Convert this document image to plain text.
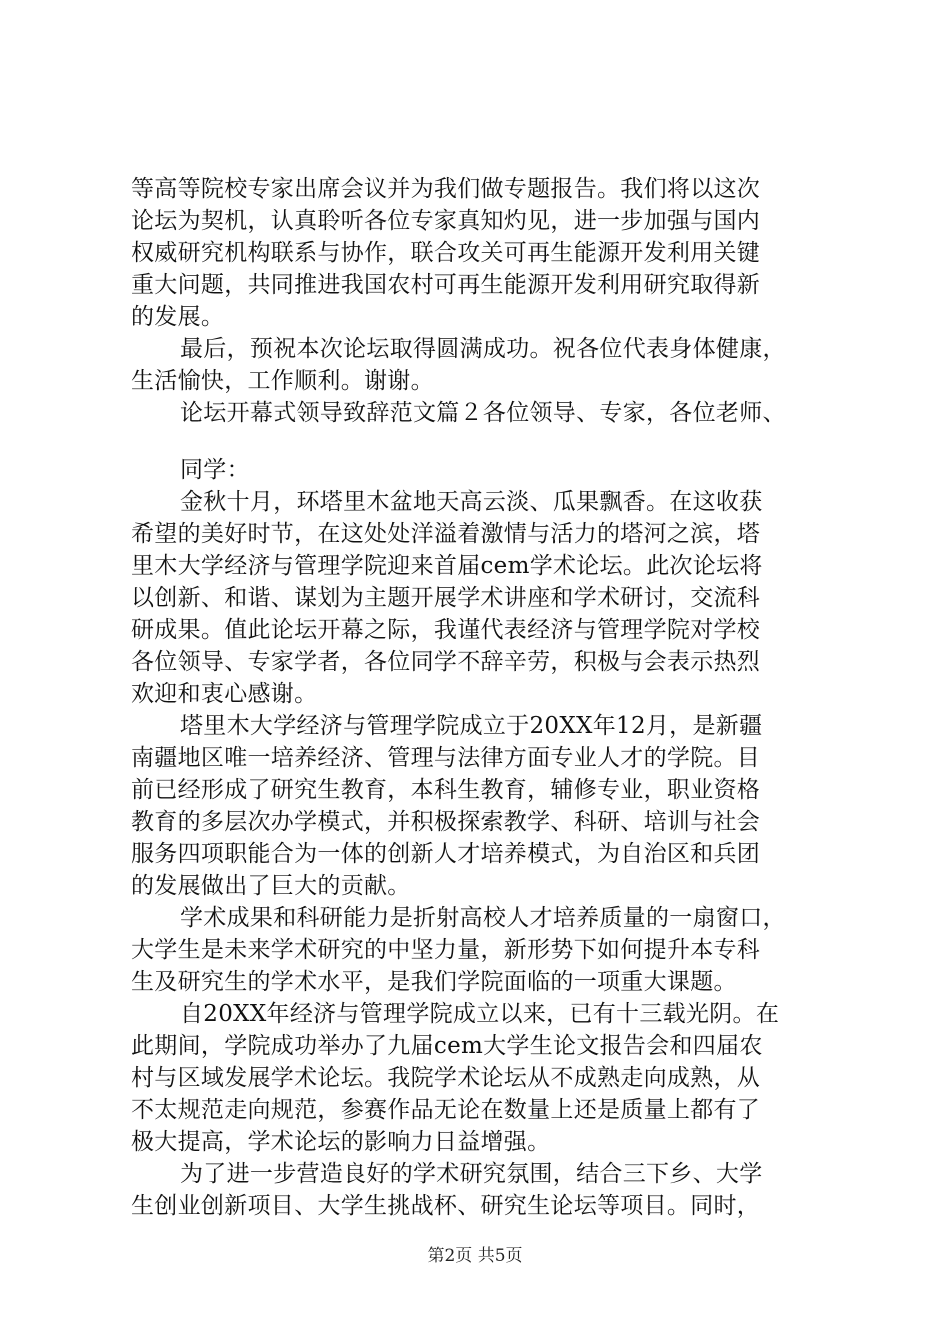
等高等院校专家出席会议并为我们做专题报告。我们将以这次
论坛为契机，认真聆听各位专家真知灼见，进一步加强与国内
权威研究机构联系与协作，联合攻关可再生能源开发利用关键
重大问题，共同推进我国农村可再生能源开发利用研究取得新
的发展。
最后，预祝本次论坛取得圆满成功。祝各位代表身体健康，
生活愉快，工作顺利。谢谢。
论坛开幕式领导致辞范文篇２各位领导、专家，各位老师、
同学：
金秋十月，环塔里木盆地天高云淡、瓜果飘香。在这收获
希望的美好时节，在这处处洋溢着激情与活力的塔河之滨，塔
里木大学经济与管理学院迎来首届cem学术论坛。此次论坛将
以创新、和谐、谋划为主题开展学术讲座和学术研讨，交流科
研成果。值此论坛开幕之际，我谨代表经济与管理学院对学校
各位领导、专家学者，各位同学不辞辛劳，积极与会表示热烈
欢迎和衷心感谢。
塔里木大学经济与管理学院成立于20XX年12月，是新疆
南疆地区唯一培养经济、管理与法律方面专业人才的学院。目
前已经形成了研究生教育，本科生教育，辅修专业，职业资格
教育的多层次办学模式，并积极探索教学、科研、培训与社会
服务四项职能合为一体的创新人才培养模式，为自治区和兵团
的发展做出了巨大的贡献。
学术成果和科研能力是折射高校人才培养质量的一扇窗口，
大学生是未来学术研究的中坚力量，新形势下如何提升本专科
生及研究生的学术水平，是我们学院面临的一项重大课题。
自20XX年经济与管理学院成立以来，已有十三载光阴。在
此期间，学院成功举办了九届cem大学生论文报告会和四届农
村与区域发展学术论坛。我院学术论坛从不成熟走向成熟，从
不太规范走向规范，参赛作品无论在数量上还是质量上都有了
极大提高，学术论坛的影响力日益增强。
为了进一步营造良好的学术研究氛围，结合三下乡、大学
生创业创新项目、大学生挑战杯、研究生论坛等项目。同时，
第2页 共5页
